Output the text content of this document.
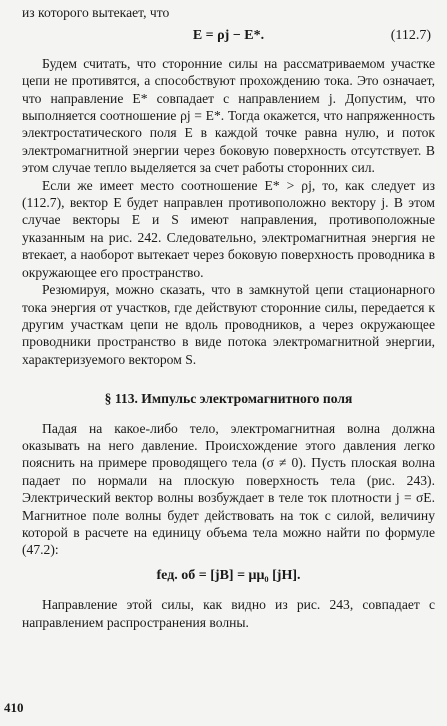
из которого вытекает, что

E = ρj − E*.	(112.7)

Будем считать, что сторонние силы на рассматриваемом участке цепи не противятся, а способствуют прохождению тока. Это означает, что направление E* совпадает с направлением j. Допустим, что выполняется соотношение ρj = E*. Тогда окажется, что напряженность электростатического поля E в каждой точке равна нулю, и поток электромагнитной энергии через боковую поверхность отсутствует. В этом случае тепло выделяется за счет работы сторонних сил.

Если же имеет место соотношение E* > ρj, то, как следует из (112.7), вектор E будет направлен противоположно вектору j. В этом случае векторы E и S имеют направления, противоположные указанным на рис. 242. Следовательно, электромагнитная энергия не втекает, а наоборот вытекает через боковую поверхность проводника в окружающее его пространство.

Резюмируя, можно сказать, что в замкнутой цепи стационарного тока энергия от участков, где действуют сторонние силы, передается к другим участкам цепи не вдоль проводников, а через окружающее проводники пространство в виде потока электромагнитной энергии, характеризуемого вектором S.

§ 113. Импульс электромагнитного поля

Падая на какое-либо тело, электромагнитная волна должна оказывать на него давление. Происхождение этого давления легко пояснить на примере проводящего тела (σ ≠ 0). Пусть плоская волна падает по нормали на плоскую поверхность тела (рис. 243). Электрический вектор волны возбуждает в теле ток плотности j = σE. Магнитное поле волны будет действовать на ток с силой, величину которой в расчете на единицу объема тела можно найти по формуле (47.2):

fед. об = [jB] = μμ₀ [jH].

Направление этой силы, как видно из рис. 243, совпадает с направлением распространения волны.

410
